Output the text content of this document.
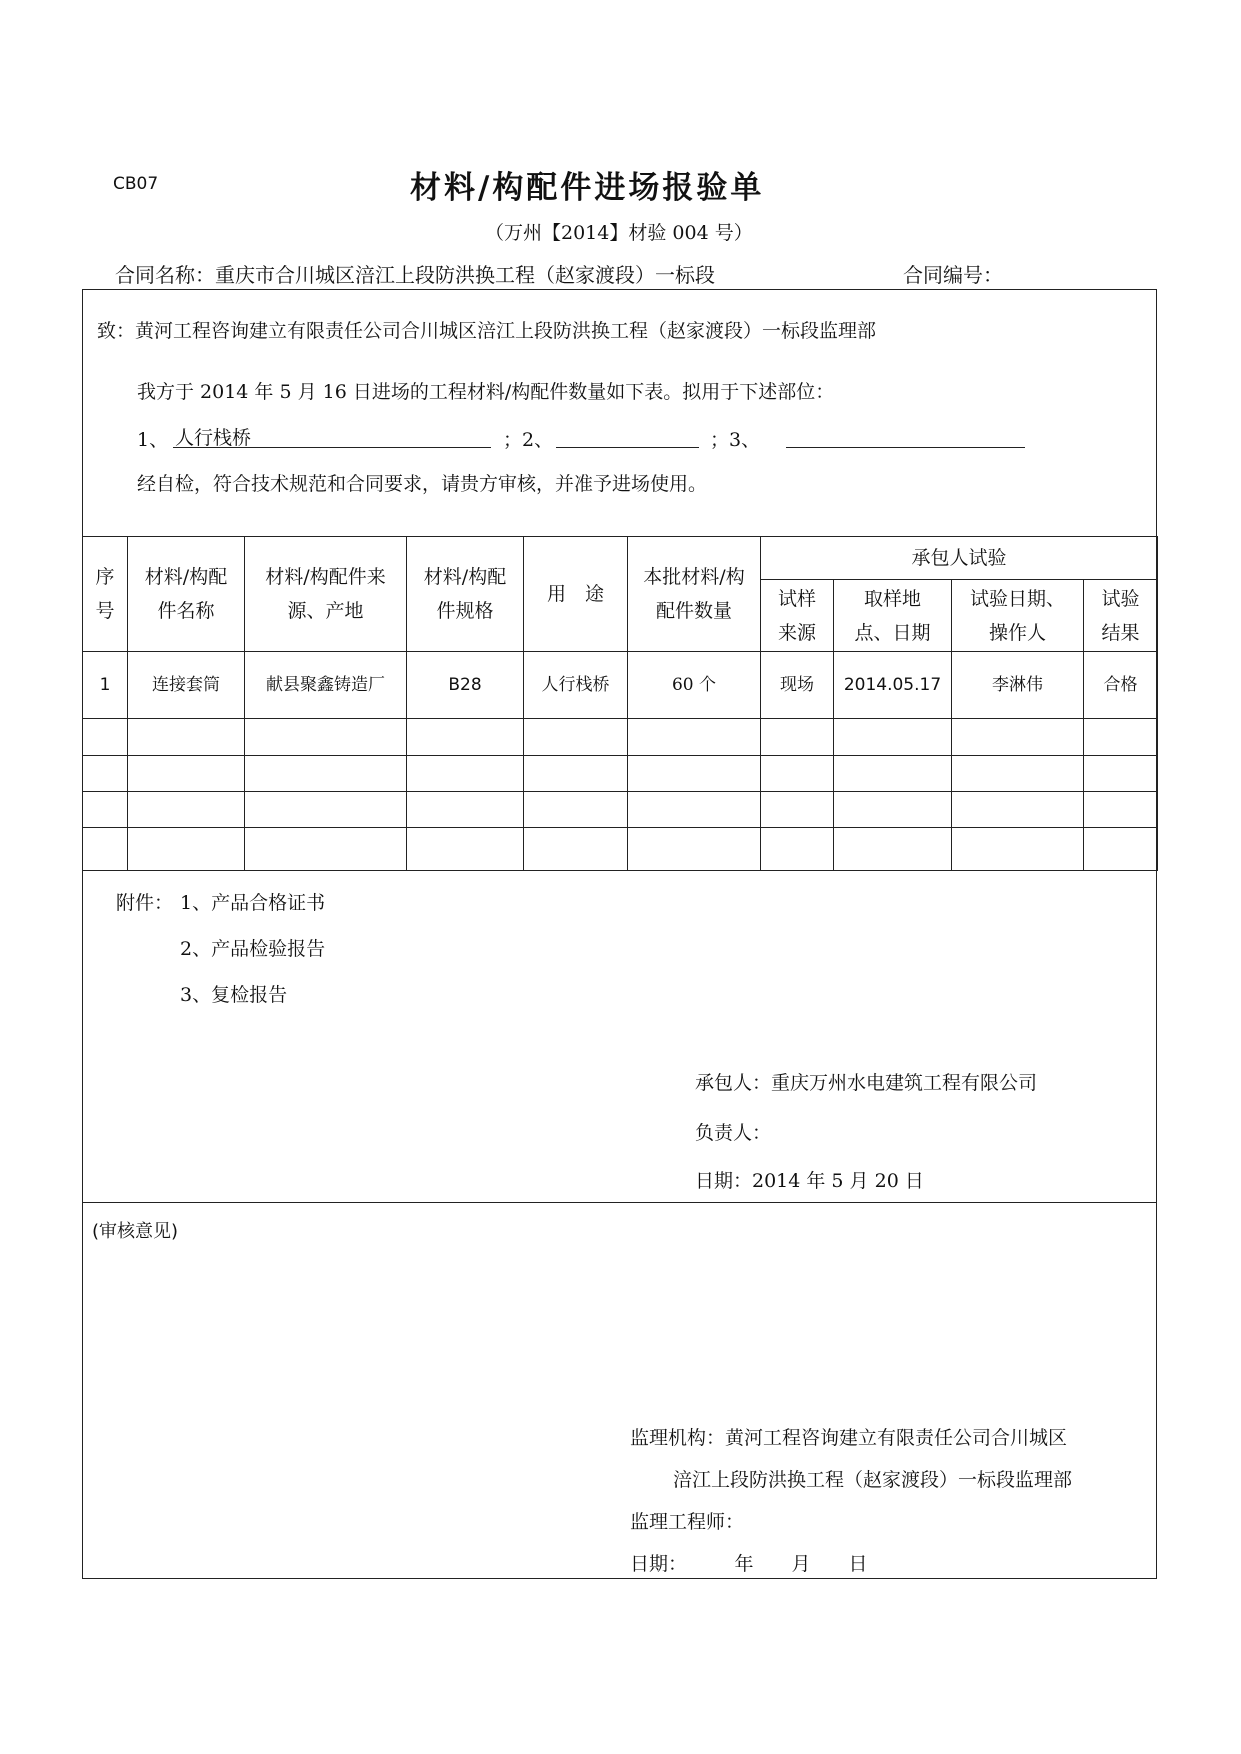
CB07	材料/构配件进场报验单
（万州【2014】材验 004 号）
合同名称：重庆市合川城区涪江上段防洪换工程（赵家渡段）一标段	合同编号：
致：黄河工程咨询建立有限责任公司合川城区涪江上段防洪换工程（赵家渡段）一标段监理部
我方于 2014 年 5 月 16 日进场的工程材料/构配件数量如下表。拟用于下述部位：
1、 人行栈桥	；2、	；3、
经自检，符合技术规范和合同要求，请贵方审核，并准予进场使用。
序号	材料/构配件名称	材料/构配件来源、产地	材料/构配件规格	用　途	本批材料/构配件数量	承包人试验			

						试样来源	取样地点、日期	试验日期、操作人	试验结果

1	连接套筒	献县聚鑫铸造厂	B28	人行栈桥	60 个	现场	2014.05.17	李淋伟	合格

附件： 1、产品合格证书
2、产品检验报告
3、复检报告
承包人：重庆万州水电建筑工程有限公司
负责人：
日期：2014 年 5 月 20 日
(审核意见)
监理机构：黄河工程咨询建立有限责任公司合川城区
涪江上段防洪换工程（赵家渡段）一标段监理部
监理工程师：
日期：　　　年　　月　　日
